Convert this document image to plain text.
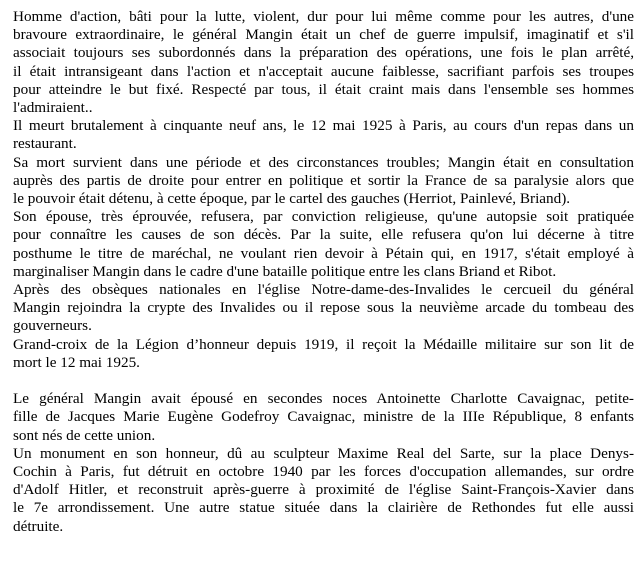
Homme d'action, bâti pour la lutte, violent, dur pour lui même comme pour les autres, d'une
bravoure extraordinaire, le général Mangin était un chef de guerre impulsif, imaginatif et s'il
associait toujours ses subordonnés dans la préparation des opérations, une fois le plan arrêté,
il était intransigeant dans l'action et n'acceptait aucune faiblesse, sacrifiant parfois ses troupes
pour atteindre le but fixé. Respecté par tous, il était craint mais dans l'ensemble ses hommes
l'admiraient..
Il meurt brutalement à cinquante neuf ans, le 12 mai 1925 à Paris, au cours d'un repas dans un
restaurant.
Sa mort survient dans une période et des circonstances troubles; Mangin était en consultation
auprès des partis de droite pour entrer en politique et sortir la France de sa paralysie alors que
le pouvoir était détenu, à cette époque, par le cartel des gauches (Herriot, Painlevé, Briand).
Son épouse, très éprouvée, refusera, par conviction religieuse, qu'une autopsie soit pratiquée
pour connaître les causes de son décès. Par la suite, elle refusera qu'on lui décerne à titre
posthume le titre de maréchal, ne voulant rien devoir à Pétain qui, en 1917, s'était employé à
marginaliser Mangin dans le cadre d'une bataille politique entre les clans Briand et Ribot.
Après des obsèques nationales en l'église Notre-dame-des-Invalides le cercueil du général
Mangin rejoindra la crypte des Invalides ou il repose sous la neuvième arcade du tombeau des
gouverneurs.
Grand-croix de la Légion d’honneur depuis 1919, il reçoit la Médaille militaire sur son lit de
mort le 12 mai 1925.
Le général Mangin avait épousé en secondes noces Antoinette Charlotte Cavaignac, petite-
fille de Jacques Marie Eugène Godefroy Cavaignac, ministre de la IIIe République, 8 enfants
sont nés de cette union.
Un monument en son honneur, dû au sculpteur Maxime Real del Sarte, sur la place Denys-
Cochin à Paris, fut détruit en octobre 1940 par les forces d'occupation allemandes, sur ordre
d'Adolf Hitler, et reconstruit après-guerre à proximité de l'église Saint-François-Xavier dans
le 7e arrondissement. Une autre statue située dans la clairière de Rethondes fut elle aussi
détruite.
